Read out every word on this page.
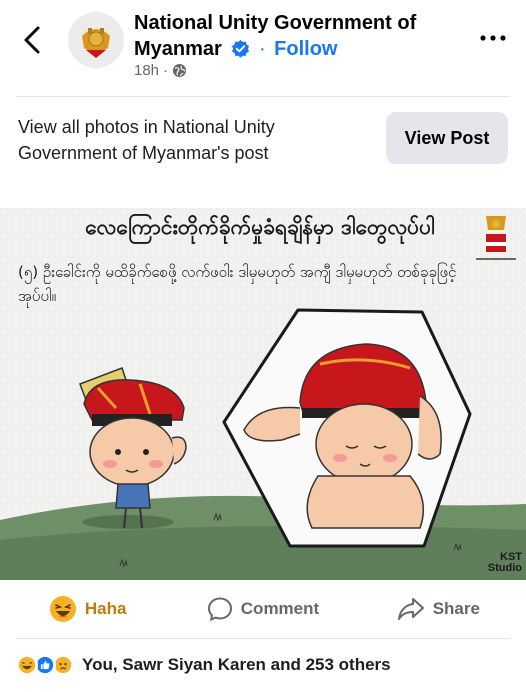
National Unity Government of
Myanmar · Follow
18h ·
View all photos in National Unity Government of Myanmar's post
View Post
လေကြောင်းတိုက်ခိုက်မှုခံရချိန်မှာ ဒါတွေလုပ်ပါ
(၅) ဦးခေါင်းကို မထိခိုက်စေဖို့ လက်ဖဝါး ဒါမှမဟုတ် အကျီ ဒါမှမဟုတ် တစ်ခုခုဖြင့် အုပ်ပါ။
KST
Studio
Haha	Comment	Share
You, Sawr Siyan Karen and 253 others
